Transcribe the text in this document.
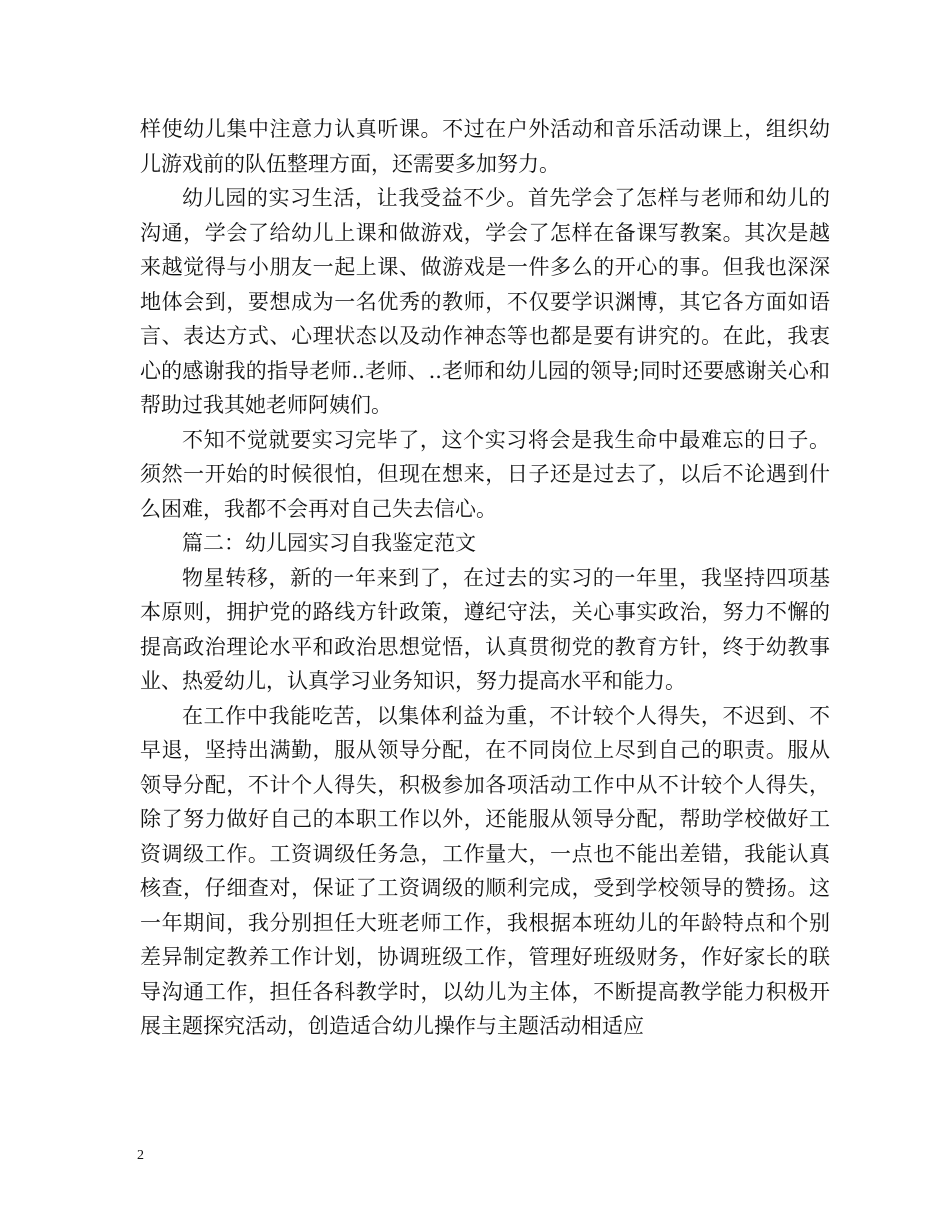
样使幼儿集中注意力认真听课。不过在户外活动和音乐活动课上，组织幼儿游戏前的队伍整理方面，还需要多加努力。

幼儿园的实习生活，让我受益不少。首先学会了怎样与老师和幼儿的沟通，学会了给幼儿上课和做游戏，学会了怎样在备课写教案。其次是越来越觉得与小朋友一起上课、做游戏是一件多么的开心的事。但我也深深地体会到，要想成为一名优秀的教师，不仅要学识渊博，其它各方面如语言、表达方式、心理状态以及动作神态等也都是要有讲究的。在此，我衷心的感谢我的指导老师..老师、..老师和幼儿园的领导;同时还要感谢关心和帮助过我其她老师阿姨们。

不知不觉就要实习完毕了，这个实习将会是我生命中最难忘的日子。须然一开始的时候很怕，但现在想来，日子还是过去了，以后不论遇到什么困难，我都不会再对自己失去信心。

篇二：幼儿园实习自我鉴定范文

物星转移，新的一年来到了，在过去的实习的一年里，我坚持四项基本原则，拥护党的路线方针政策，遵纪守法，关心事实政治，努力不懈的提高政治理论水平和政治思想觉悟，认真贯彻党的教育方针，终于幼教事业、热爱幼儿，认真学习业务知识，努力提高水平和能力。

在工作中我能吃苦，以集体利益为重，不计较个人得失，不迟到、不早退，坚持出满勤，服从领导分配，在不同岗位上尽到自己的职责。服从领导分配，不计个人得失，积极参加各项活动工作中从不计较个人得失，除了努力做好自己的本职工作以外，还能服从领导分配，帮助学校做好工资调级工作。工资调级任务急，工作量大，一点也不能出差错，我能认真核查，仔细查对，保证了工资调级的顺利完成，受到学校领导的赞扬。这一年期间，我分别担任大班老师工作，我根据本班幼儿的年龄特点和个别差异制定教养工作计划，协调班级工作，管理好班级财务，作好家长的联导沟通工作，担任各科教学时，以幼儿为主体，不断提高教学能力积极开展主题探究活动，创造适合幼儿操作与主题活动相适应

2
